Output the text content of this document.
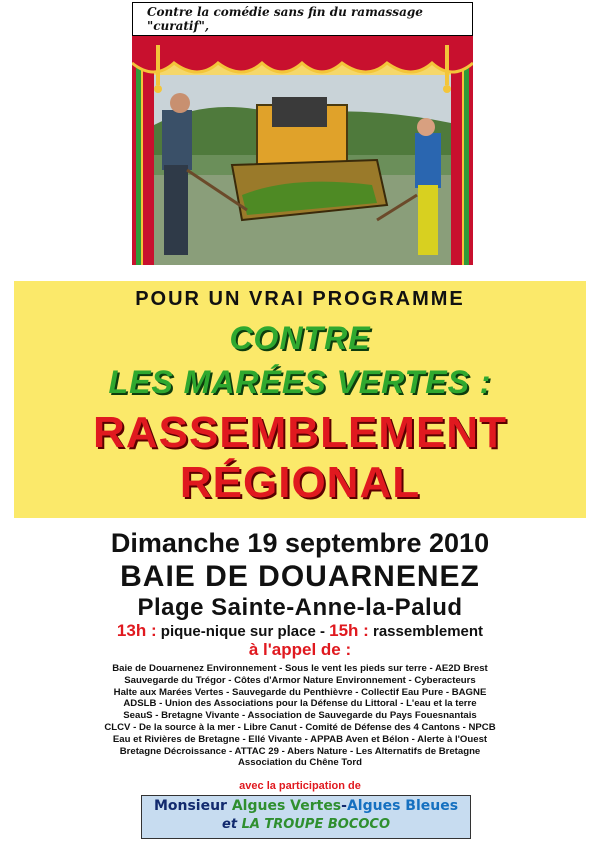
Contre la comédie sans fin du ramassage "curatif",
POUR UN VRAI PROGRAMME
CONTRE
LES MARÉES VERTES :
RASSEMBLEMENT
RÉGIONAL
Dimanche 19 septembre 2010
BAIE DE DOUARNENEZ
Plage Sainte-Anne-la-Palud
13h : pique-nique sur place - 15h : rassemblement
à l'appel de :
Baie de Douarnenez Environnement - Sous le vent les pieds sur terre - AE2D Brest
Sauvegarde du Trégor - Côtes d'Armor Nature Environnement - Cyberacteurs
Halte aux Marées Vertes - Sauvegarde du Penthièvre - Collectif Eau Pure - BAGNE
ADSLB - Union des Associations pour la Défense du Littoral - L'eau et la terre
SeauS - Bretagne Vivante - Association de Sauvegarde du Pays Fouesnantais
CLCV - De la source à la mer - Libre Canut - Comité de Défense des 4 Cantons - NPCB
Eau et Rivières de Bretagne - Ellé Vivante - APPAB Aven et Bélon - Alerte à l'Ouest
Bretagne Décroissance - ATTAC 29 - Abers Nature - Les Alternatifs de Bretagne
Association du Chêne Tord
avec la participation de
Monsieur Algues Vertes-Algues Bleues
et LA TROUPE BOCOCO
